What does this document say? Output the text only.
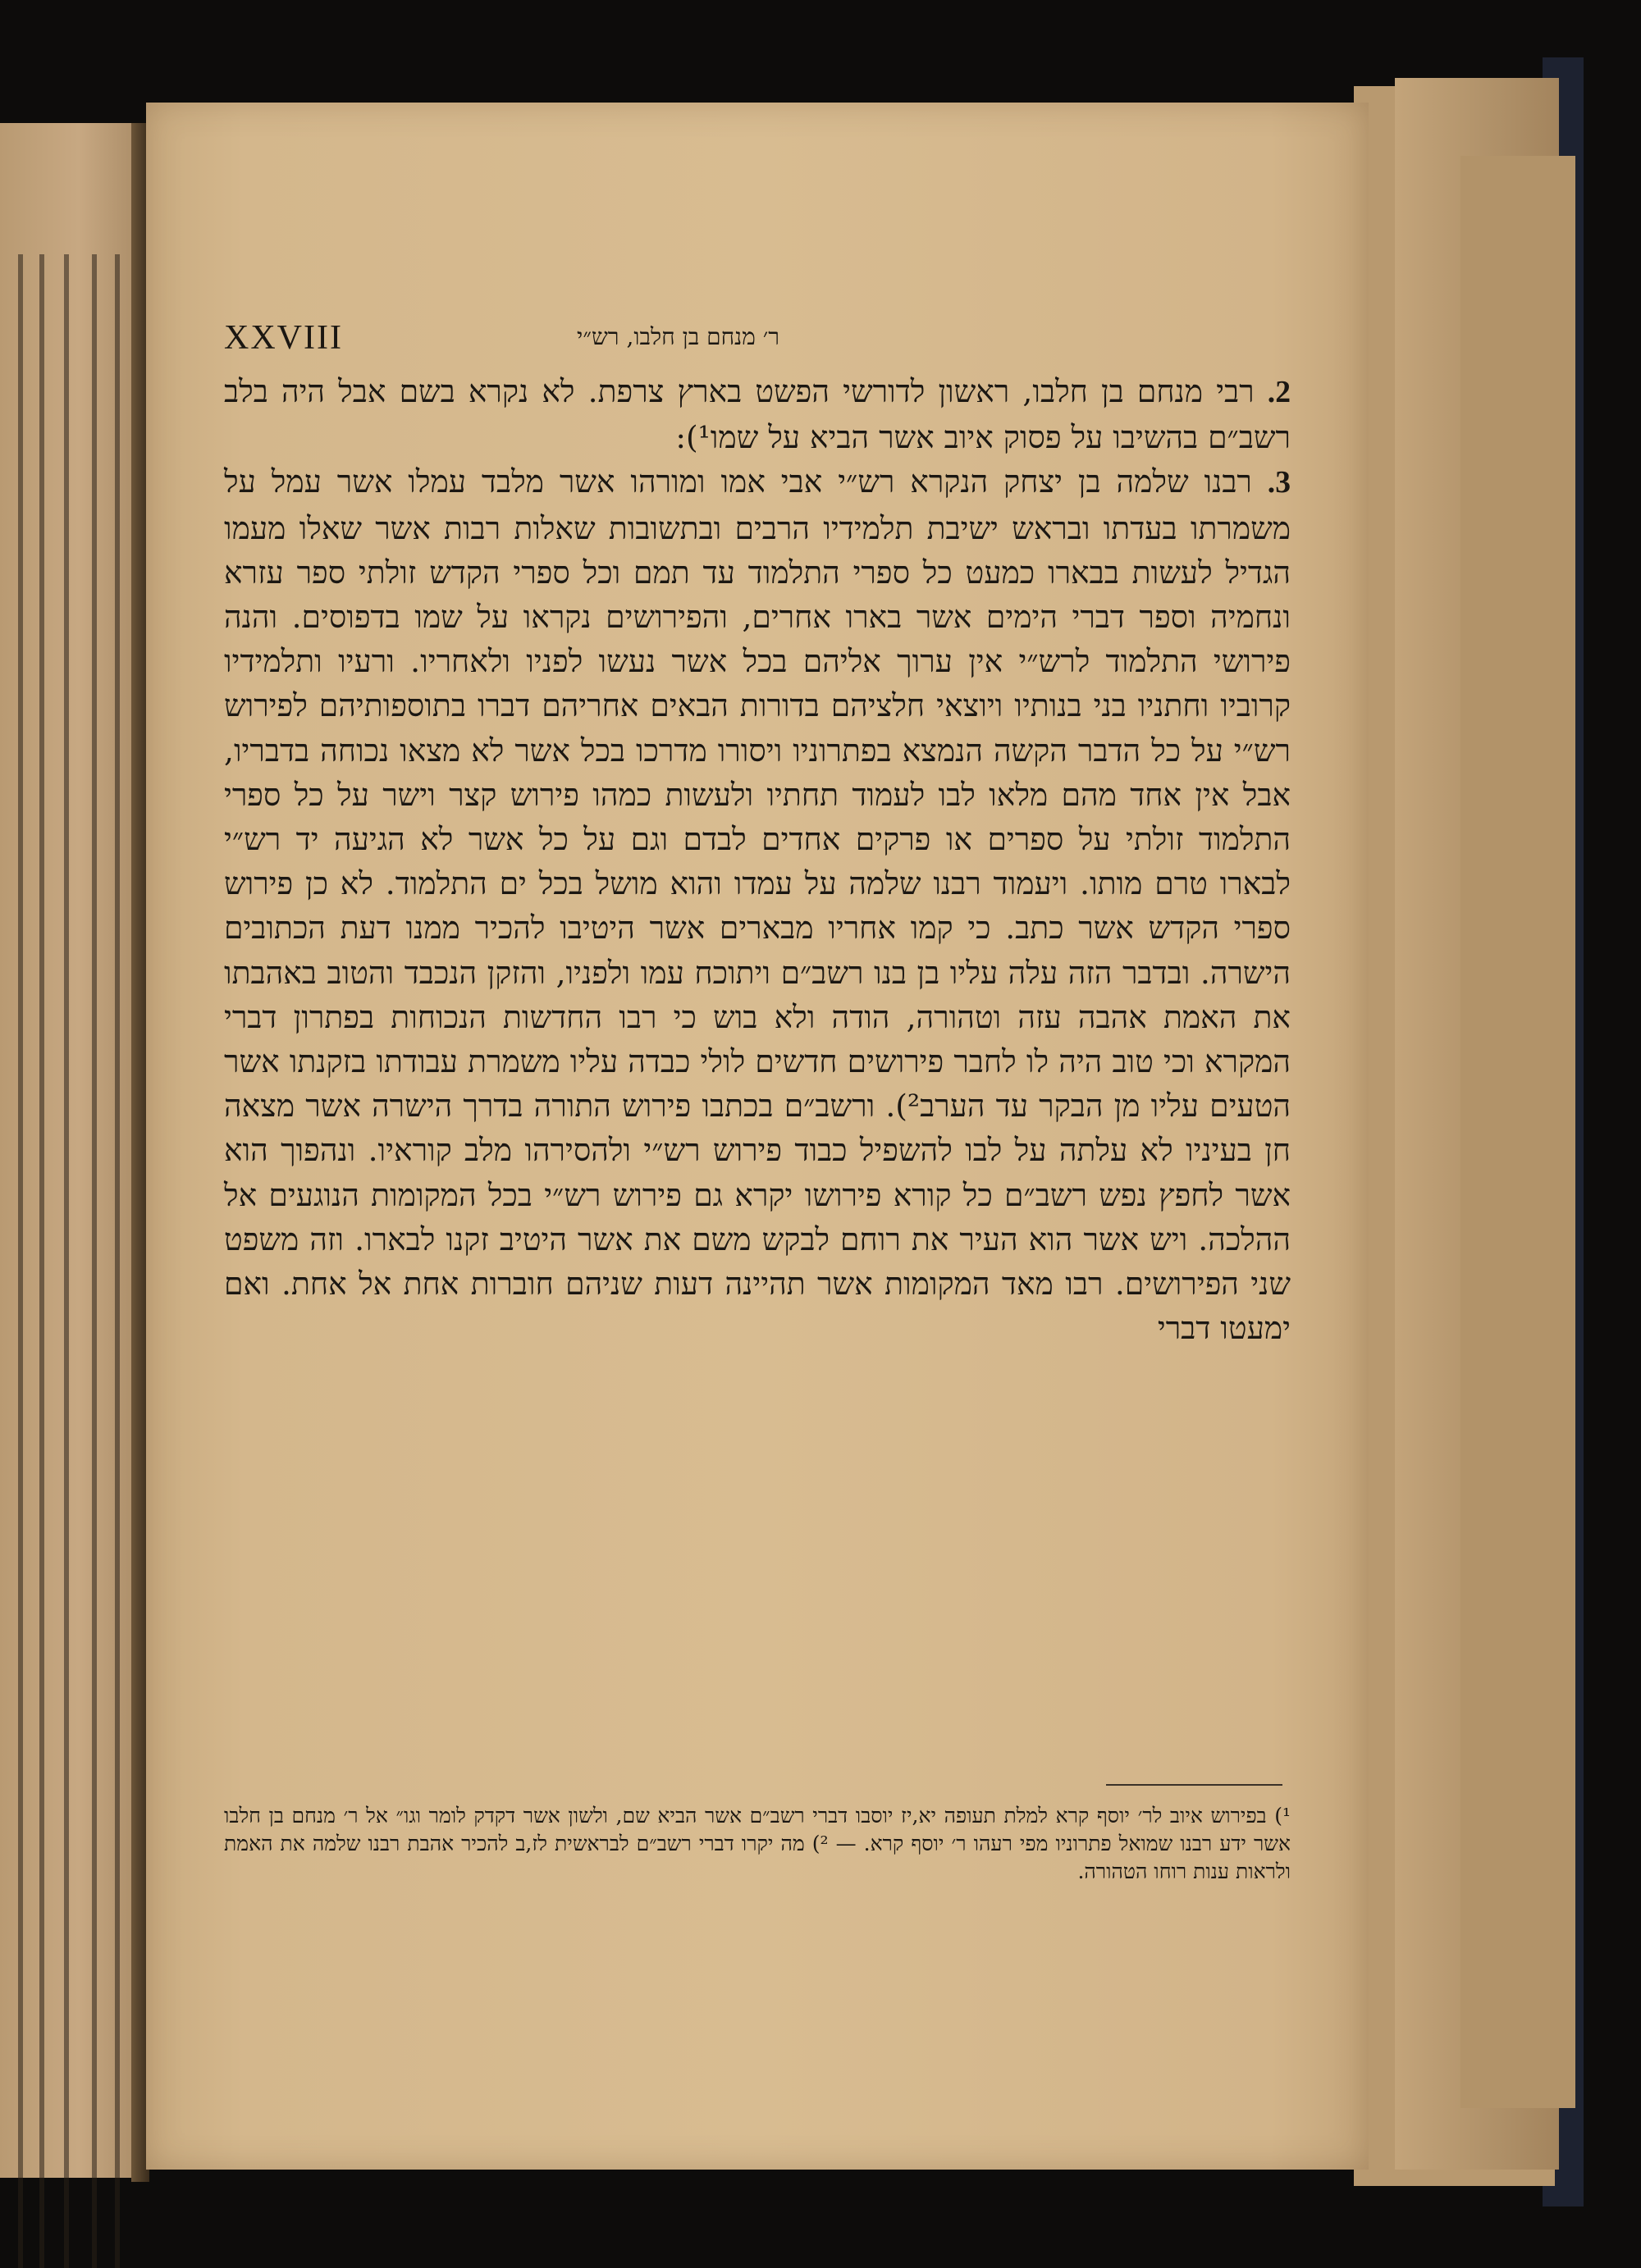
XXVIII	ר׳ מנחם בן חלבו, רש״י

2. רבי מנחם בן חלבו, ראשון לדורשי הפשט בארץ צרפת. לא נקרא בשם אבל היה בלב רשב״ם בהשיבו על פסוק איוב אשר הביא על שמו¹):

3. רבנו שלמה בן יצחק הנקרא רש״י אבי אמו ומורהו אשר מלבד עמלו אשר עמל על משמרתו בעדתו ובראש ישיבת תלמידיו הרבים ובתשובות שאלות רבות אשר שאלו מעמו הגדיל לעשות בבארו כמעט כל ספרי התלמוד עד תמם וכל ספרי הקדש זולתי ספר עזרא ונחמיה וספר דברי הימים אשר בארו אחרים, והפירושים נקראו על שמו בדפוסים. והנה פירושי התלמוד לרש״י אין ערוך אליהם בכל אשר נעשו לפניו ולאחריו. ורעיו ותלמידיו קרוביו וחתניו בני בנותיו ויוצאי חלציהם בדורות הבאים אחריהם דברו בתוספותיהם לפירוש רש״י על כל הדבר הקשה הנמצא בפתרוניו ויסורו מדרכו בכל אשר לא מצאו נכוחה בדבריו, אבל אין אחד מהם מלאו לבו לעמוד תחתיו ולעשות כמהו פירוש קצר וישר על כל ספרי התלמוד זולתי על ספרים או פרקים אחדים לבדם וגם על כל אשר לא הגיעה יד רש״י לבארו טרם מותו. ויעמוד רבנו שלמה על עמדו והוא מושל בכל ים התלמוד. לא כן פירוש ספרי הקדש אשר כתב. כי קמו אחריו מבארים אשר היטיבו להכיר ממנו דעת הכתובים הישרה. ובדבר הזה עלה עליו בן בנו רשב״ם ויתוכח עמו ולפניו, והזקן הנכבד והטוב באהבתו את האמת אהבה עזה וטהורה, הודה ולא בוש כי רבו החדשות הנכוחות בפתרון דברי המקרא וכי טוב היה לו לחבר פירושים חדשים לולי כבדה עליו משמרת עבודתו בזקנתו אשר הטעים עליו מן הבקר עד הערב²). ורשב״ם בכתבו פירוש התורה בדרך הישרה אשר מצאה חן בעיניו לא עלתה על לבו להשפיל כבוד פירוש רש״י ולהסירהו מלב קוראיו. ונהפוך הוא אשר לחפץ נפש רשב״ם כל קורא פירושו יקרא גם פירוש רש״י בכל המקומות הנוגעים אל ההלכה. ויש אשר הוא העיר את רוחם לבקש משם את אשר היטיב זקנו לבארו. וזה משפט שני הפירושים. רבו מאד המקומות אשר תהיינה דעות שניהם חוברות אחת אל אחת. ואם ימעטו דברי

¹) בפירוש איוב לר׳ יוסף קרא למלת תעופה יא,יז יוסבו דברי רשב״ם אשר הביא שם, ולשון אשר דקדק לומר וגו״ אל ר׳ מנחם בן חלבו אשר ידע רבנו שמואל פתרוניו מפי רעהו ר׳ יוסף קרא. — ²) מה יקרו דברי רשב״ם לבראשית לז,ב להכיר אהבת רבנו שלמה את האמת ולראות ענות רוחו הטהורה.
